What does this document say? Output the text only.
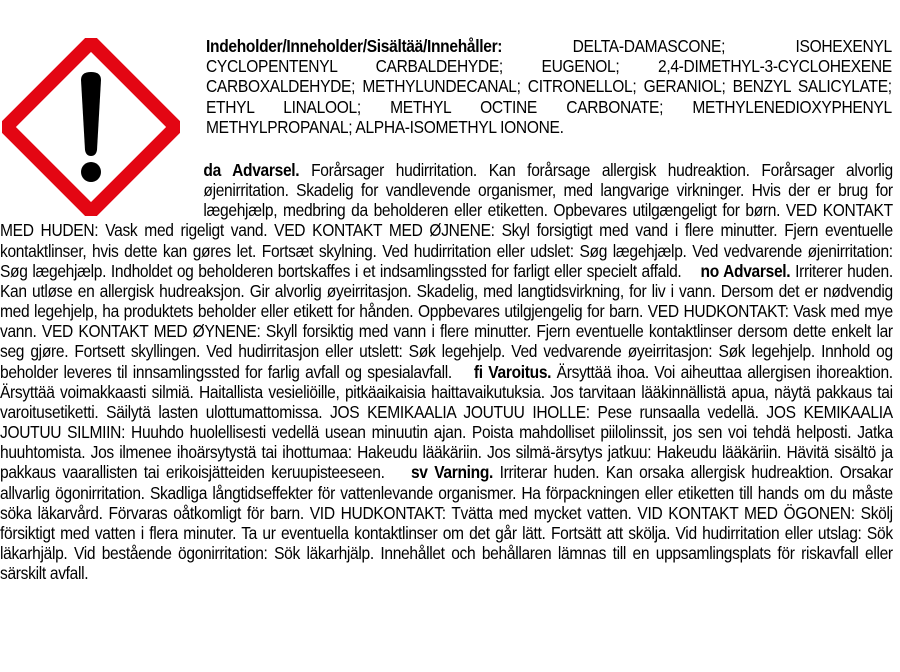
Indeholder/Inneholder/Sisältää/Innehåller:	DELTA-DAMASCONE; ISOHEXENYL CYCLOPENTENYL CARBALDEHYDE; EUGENOL; 2,4-DIMETHYL-3-CYCLOHEXENE CARBOXALDEHYDE; METHYLUNDECANAL; CITRONELLOL; GERANIOL; BENZYL SALICYLATE; ETHYL LINALOOL; METHYL OCTINE CARBONATE; METHYLENEDIOXYPHENYL METHYLPROPANAL; ALPHA-ISOMETHYL IONONE.
da Advarsel. Forårsager hudirritation. Kan forårsage allergisk hudreaktion. Forårsager alvorlig øjenirritation. Skadelig for vandlevende organismer, med langvarige virkninger. Hvis der er brug for lægehjælp, medbring da beholderen eller etiketten. Opbevares utilgængeligt for børn. VED KONTAKT MED HUDEN: Vask med rigeligt vand. VED KONTAKT MED ØJNENE: Skyl forsigtigt med vand i flere minutter. Fjern eventuelle kontaktlinser, hvis dette kan gøres let. Fortsæt skylning. Ved hudirritation eller udslet: Søg lægehjælp. Ved vedvarende øjenirritation: Søg lægehjælp. Indholdet og beholderen bortskaffes i et indsamlingssted for farligt eller specielt affald. no Advarsel. Irriterer huden. Kan utløse en allergisk hudreaksjon. Gir alvorlig øyeirritasjon. Skadelig, med langtidsvirkning, for liv i vann. Dersom det er nødvendig med legehjelp, ha produktets beholder eller etikett for hånden. Oppbevares utilgjengelig for barn. VED HUDKONTAKT: Vask med mye vann. VED KONTAKT MED ØYNENE: Skyll forsiktig med vann i flere minutter. Fjern eventuelle kontaktlinser dersom dette enkelt lar seg gjøre. Fortsett skyllingen. Ved hudirritasjon eller utslett: Søk legehjelp. Ved vedvarende øyeirritasjon: Søk legehjelp. Innhold og beholder leveres til innsamlingssted for farlig avfall og spesialavfall. fi Varoitus. Ärsyttää ihoa. Voi aiheuttaa allergisen ihoreaktion. Ärsyttää voimakkaasti silmiä. Haitallista vesieliöille, pitkäaikaisia haittavaikutuksia. Jos tarvitaan lääkinnällistä apua, näytä pakkaus tai varoitusetiketti. Säilytä lasten ulottumattomissa. JOS KEMIKAALIA JOUTUU IHOLLE: Pese runsaalla vedellä. JOS KEMIKAALIA JOUTUU SILMIIN: Huuhdo huolellisesti vedellä usean minuutin ajan. Poista mahdolliset piilolinssit, jos sen voi tehdä helposti. Jatka huuhtomista. Jos ilmenee ihoärsytystä tai ihottumaa: Hakeudu lääkäriin. Jos silmä-ärsytys jatkuu: Hakeudu lääkäriin. Hävitä sisältö ja pakkaus vaarallisten tai erikoisjätteiden keruupisteeseen. sv Varning. Irriterar huden. Kan orsaka allergisk hudreaktion. Orsakar allvarlig ögonirritation. Skadliga långtidseffekter för vattenlevande organismer. Ha förpackningen eller etiketten till hands om du måste söka läkarvård. Förvaras oåtkomligt för barn. VID HUDKONTAKT: Tvätta med mycket vatten. VID KONTAKT MED ÖGONEN: Skölj försiktigt med vatten i flera minuter. Ta ur eventuella kontaktlinser om det går lätt. Fortsätt att skölja. Vid hudirritation eller utslag: Sök läkarhjälp. Vid bestående ögonirritation: Sök läkarhjälp. Innehållet och behållaren lämnas till en uppsamlingsplats för riskavfall eller särskilt avfall.
